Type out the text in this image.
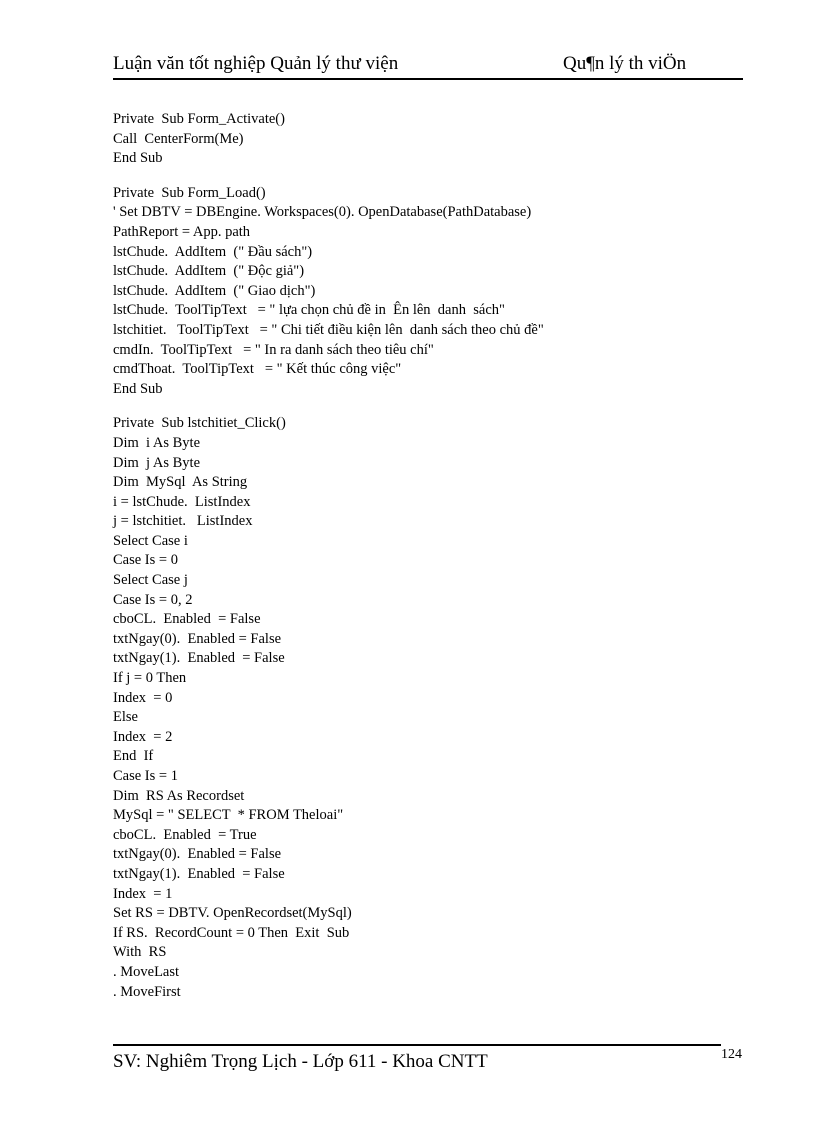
Luận văn tốt nghiệp Quản lý thư viện	Qu¶n lý th viÖn
Private  Sub Form_Activate()
Call  CenterForm(Me)
End Sub
Private  Sub Form_Load()
' Set DBTV = DBEngine. Workspaces(0). OpenDatabase(PathDatabase)
PathReport = App. path
lstChude.  AddItem  (" Đầu sách")
lstChude.  AddItem  (" Độc giả")
lstChude.  AddItem  (" Giao dịch")
lstChude.  ToolTipText   = " lựa chọn chủ đề in  Ên lên  danh  sách"
lstchitiet.   ToolTipText   = " Chi tiết điều kiện lên  danh sách theo chủ đề"
cmdIn.  ToolTipText   = " In ra danh sách theo tiêu chí"
cmdThoat.  ToolTipText   = " Kết thúc công việc"
End Sub
Private  Sub lstchitiet_Click()
Dim  i As Byte
Dim  j As Byte
Dim  MySql  As String
i = lstChude.  ListIndex
j = lstchitiet.   ListIndex
Select Case i
Case Is = 0
Select Case j
Case Is = 0, 2
cboCL.  Enabled  = False
txtNgay(0).  Enabled = False
txtNgay(1).  Enabled  = False
If j = 0 Then
Index  = 0
Else
Index  = 2
End  If
Case Is = 1
Dim  RS As Recordset
MySql = " SELECT  * FROM Theloai"
cboCL.  Enabled  = True
txtNgay(0).  Enabled = False
txtNgay(1).  Enabled  = False
Index  = 1
Set RS = DBTV. OpenRecordset(MySql)
If RS.  RecordCount = 0 Then  Exit  Sub
With  RS
. MoveLast
. MoveFirst
SV: Nghiêm Trọng Lịch - Lớp 611 - Khoa CNTT	124
